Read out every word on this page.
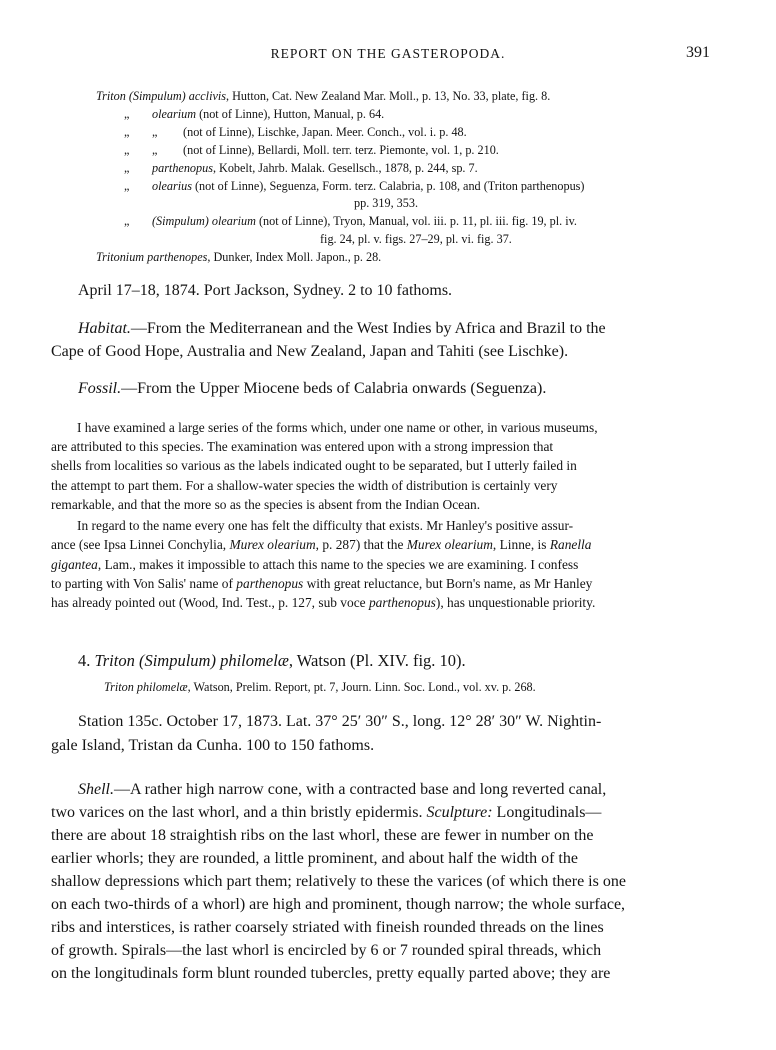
REPORT ON THE GASTEROPODA.	391
Triton (Simpulum) acclivis, Hutton, Cat. New Zealand Mar. Moll., p. 13, No. 33, plate, fig. 8.
„ olearium (not of Linne), Hutton, Manual, p. 64.
„ „ (not of Linne), Lischke, Japan. Meer. Conch., vol. i. p. 48.
„ „ (not of Linne), Bellardi, Moll. terr. terz. Piemonte, vol. 1, p. 210.
„ parthenopus, Kobelt, Jahrb. Malak. Gesellsch., 1878, p. 244, sp. 7.
„ olearius (not of Linne), Seguenza, Form. terz. Calabria, p. 108, and (Triton parthenopus)
pp. 319, 353.
„ (Simpulum) olearium (not of Linne), Tryon, Manual, vol. iii. p. 11, pl. iii. fig. 19, pl. iv.
fig. 24, pl. v. figs. 27–29, pl. vi. fig. 37.
Tritonium parthenopes, Dunker, Index Moll. Japon., p. 28.
April 17–18, 1874. Port Jackson, Sydney. 2 to 10 fathoms.
Habitat.—From the Mediterranean and the West Indies by Africa and Brazil to the
Cape of Good Hope, Australia and New Zealand, Japan and Tahiti (see Lischke).
Fossil.—From the Upper Miocene beds of Calabria onwards (Seguenza).
I have examined a large series of the forms which, under one name or other, in various museums,
are attributed to this species. The examination was entered upon with a strong impression that
shells from localities so various as the labels indicated ought to be separated, but I utterly failed in
the attempt to part them. For a shallow-water species the width of distribution is certainly very
remarkable, and that the more so as the species is absent from the Indian Ocean.
In regard to the name every one has felt the difficulty that exists. Mr Hanley's positive assur-
ance (see Ipsa Linnei Conchylia, Murex olearium, p. 287) that the Murex olearium, Linne, is Ranella
gigantea, Lam., makes it impossible to attach this name to the species we are examining. I confess
to parting with Von Salis' name of parthenopus with great reluctance, but Born's name, as Mr Hanley
has already pointed out (Wood, Ind. Test., p. 127, sub voce parthenopus), has unquestionable priority.
4. Triton (Simpulum) philomelæ, Watson (Pl. XIV. fig. 10).
Triton philomelæ, Watson, Prelim. Report, pt. 7, Journ. Linn. Soc. Lond., vol. xv. p. 268.
Station 135c. October 17, 1873. Lat. 37° 25′ 30″ S., long. 12° 28′ 30″ W. Nightin-
gale Island, Tristan da Cunha. 100 to 150 fathoms.
Shell.—A rather high narrow cone, with a contracted base and long reverted canal,
two varices on the last whorl, and a thin bristly epidermis. Sculpture: Longitudinals—
there are about 18 straightish ribs on the last whorl, these are fewer in number on the
earlier whorls; they are rounded, a little prominent, and about half the width of the
shallow depressions which part them; relatively to these the varices (of which there is one
on each two-thirds of a whorl) are high and prominent, though narrow; the whole surface,
ribs and interstices, is rather coarsely striated with fineish rounded threads on the lines
of growth. Spirals—the last whorl is encircled by 6 or 7 rounded spiral threads, which
on the longitudinals form blunt rounded tubercles, pretty equally parted above; they are
